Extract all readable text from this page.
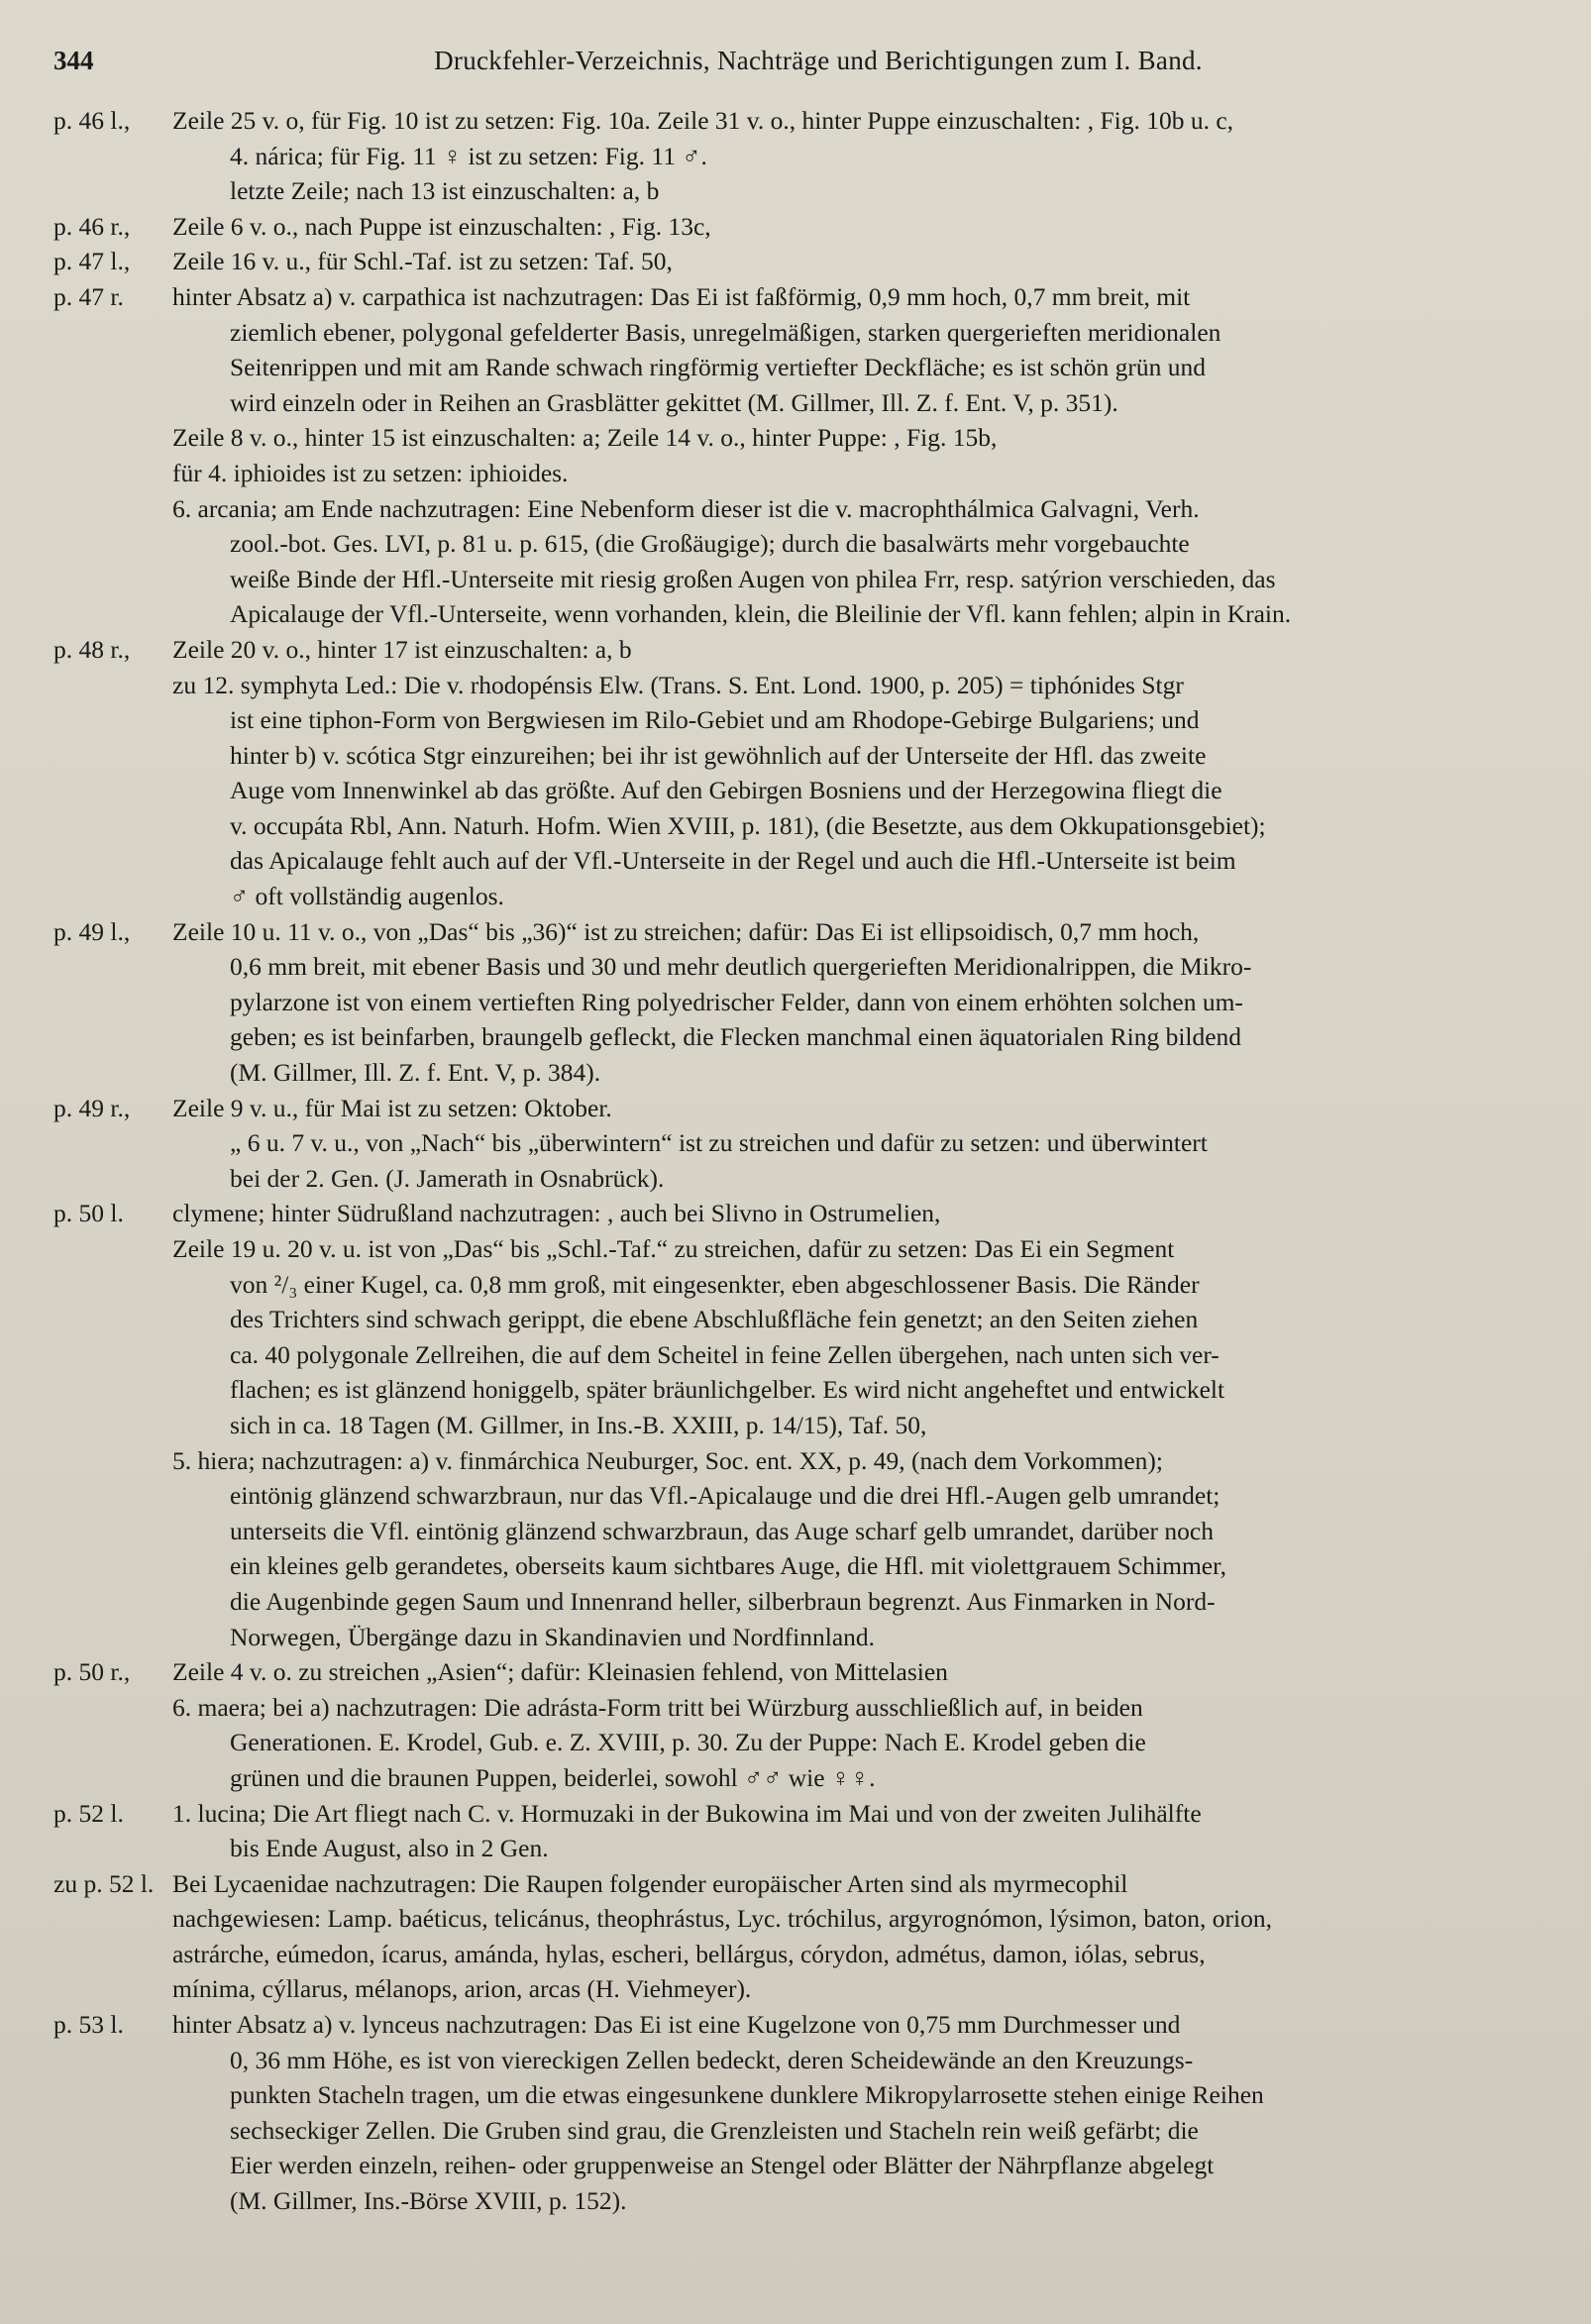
344	Druckfehler-Verzeichnis, Nachträge und Berichtigungen zum I. Band.
p. 46 l.,	Zeile 25 v. o, für Fig. 10 ist zu setzen: Fig. 10a. Zeile 31 v. o., hinter Puppe einzuschalten: , Fig. 10b u. c,
4. nárica; für Fig. 11 ♀ ist zu setzen: Fig. 11 ♂.
letzte Zeile; nach 13 ist einzuschalten: a, b
p. 46 r.,	Zeile 6 v. o., nach Puppe ist einzuschalten: , Fig. 13c,
p. 47 l.,	Zeile 16 v. u., für Schl.-Taf. ist zu setzen: Taf. 50,
p. 47 r.	hinter Absatz a) v. carpathica ist nachzutragen: Das Ei ist faßförmig, 0,9 mm hoch, 0,7 mm breit, mit
ziemlich ebener, polygonal gefelderter Basis, unregelmäßigen, starken quergerieften meridionalen
Seitenrippen und mit am Rande schwach ringförmig vertiefter Deckfläche; es ist schön grün und
wird einzeln oder in Reihen an Grasblätter gekittet (M. Gillmer, Ill. Z. f. Ent. V, p. 351).
Zeile 8 v. o., hinter 15 ist einzuschalten: a; Zeile 14 v. o., hinter Puppe: , Fig. 15b,
für 4. iphioides ist zu setzen: iphioides.
6. arcania; am Ende nachzutragen: Eine Nebenform dieser ist die v. macrophthálmica Galvagni, Verh.
zool.-bot. Ges. LVI, p. 81 u. p. 615, (die Großäugige); durch die basalwärts mehr vorgebauchte
weiße Binde der Hfl.-Unterseite mit riesig großen Augen von philea Frr, resp. satýrion verschieden, das
Apicalauge der Vfl.-Unterseite, wenn vorhanden, klein, die Bleilinie der Vfl. kann fehlen; alpin in Krain.
p. 48 r.,	Zeile 20 v. o., hinter 17 ist einzuschalten: a, b
zu 12. symphyta Led.: Die v. rhodopénsis Elw. (Trans. S. Ent. Lond. 1900, p. 205) = tiphónides Stgr
ist eine tiphon-Form von Bergwiesen im Rilo-Gebiet und am Rhodope-Gebirge Bulgariens; und
hinter b) v. scótica Stgr einzureihen; bei ihr ist gewöhnlich auf der Unterseite der Hfl. das zweite
Auge vom Innenwinkel ab das größte. Auf den Gebirgen Bosniens und der Herzegowina fliegt die
v. occupáta Rbl, Ann. Naturh. Hofm. Wien XVIII, p. 181), (die Besetzte, aus dem Okkupationsgebiet);
das Apicalauge fehlt auch auf der Vfl.-Unterseite in der Regel und auch die Hfl.-Unterseite ist beim
♂ oft vollständig augenlos.
p. 49 l.,	Zeile 10 u. 11 v. o., von „Das“ bis „36)“ ist zu streichen; dafür: Das Ei ist ellipsoidisch, 0,7 mm hoch,
0,6 mm breit, mit ebener Basis und 30 und mehr deutlich quergerieften Meridionalrippen, die Mikro-
pylarzone ist von einem vertieften Ring polyedrischer Felder, dann von einem erhöhten solchen um-
geben; es ist beinfarben, braungelb gefleckt, die Flecken manchmal einen äquatorialen Ring bildend
(M. Gillmer, Ill. Z. f. Ent. V, p. 384).
p. 49 r.,	Zeile 9 v. u., für Mai ist zu setzen: Oktober.
„ 6 u. 7 v. u., von „Nach“ bis „überwintern“ ist zu streichen und dafür zu setzen: und überwintert
bei der 2. Gen. (J. Jamerath in Osnabrück).
p. 50 l.	clymene; hinter Südrußland nachzutragen: , auch bei Slivno in Ostrumelien,
Zeile 19 u. 20 v. u. ist von „Das“ bis „Schl.-Taf.“ zu streichen, dafür zu setzen: Das Ei ein Segment
von ²/₃ einer Kugel, ca. 0,8 mm groß, mit eingesenkter, eben abgeschlossener Basis. Die Ränder
des Trichters sind schwach gerippt, die ebene Abschlußfläche fein genetzt; an den Seiten ziehen
ca. 40 polygonale Zellreihen, die auf dem Scheitel in feine Zellen übergehen, nach unten sich ver-
flachen; es ist glänzend honiggelb, später bräunlichgelber. Es wird nicht angeheftet und entwickelt
sich in ca. 18 Tagen (M. Gillmer, in Ins.-B. XXIII, p. 14/15), Taf. 50,
5. hiera; nachzutragen: a) v. finmárchica Neuburger, Soc. ent. XX, p. 49, (nach dem Vorkommen);
eintönig glänzend schwarzbraun, nur das Vfl.-Apicalauge und die drei Hfl.-Augen gelb umrandet;
unterseits die Vfl. eintönig glänzend schwarzbraun, das Auge scharf gelb umrandet, darüber noch
ein kleines gelb gerandetes, oberseits kaum sichtbares Auge, die Hfl. mit violettgrauem Schimmer,
die Augenbinde gegen Saum und Innenrand heller, silberbraun begrenzt. Aus Finmarken in Nord-
Norwegen, Übergänge dazu in Skandinavien und Nordfinnland.
p. 50 r.,	Zeile 4 v. o. zu streichen „Asien“; dafür: Kleinasien fehlend, von Mittelasien
6. maera; bei a) nachzutragen: Die adrásta-Form tritt bei Würzburg ausschließlich auf, in beiden
Generationen. E. Krodel, Gub. e. Z. XVIII, p. 30. Zu der Puppe: Nach E. Krodel geben die
grünen und die braunen Puppen, beiderlei, sowohl ♂♂ wie ♀♀.
p. 52 l.	1. lucina; Die Art fliegt nach C. v. Hormuzaki in der Bukowina im Mai und von der zweiten Julihälfte
bis Ende August, also in 2 Gen.
zu p. 52 l. Bei Lycaenidae nachzutragen: Die Raupen folgender europäischer Arten sind als myrmecophil
nachgewiesen: Lamp. baéticus, telicánus, theophrástus, Lyc. tróchilus, argyrognómon, lýsimon, baton, orion,
astrárche, eúmedon, ícarus, amánda, hylas, escheri, bellárgus, córydon, admétus, damon, iólas, sebrus,
mínima, cýllarus, mélanops, arion, arcas (H. Viehmeyer).
p. 53 l.	hinter Absatz a) v. lynceus nachzutragen: Das Ei ist eine Kugelzone von 0,75 mm Durchmesser und
0, 36 mm Höhe, es ist von viereckigen Zellen bedeckt, deren Scheidewände an den Kreuzungs-
punkten Stacheln tragen, um die etwas eingesunkene dunklere Mikropylarrosette stehen einige Reihen
sechseckiger Zellen. Die Gruben sind grau, die Grenzleisten und Stacheln rein weiß gefärbt; die
Eier werden einzeln, reihen- oder gruppenweise an Stengel oder Blätter der Nährpflanze abgelegt
(M. Gillmer, Ins.-Börse XVIII, p. 152).
